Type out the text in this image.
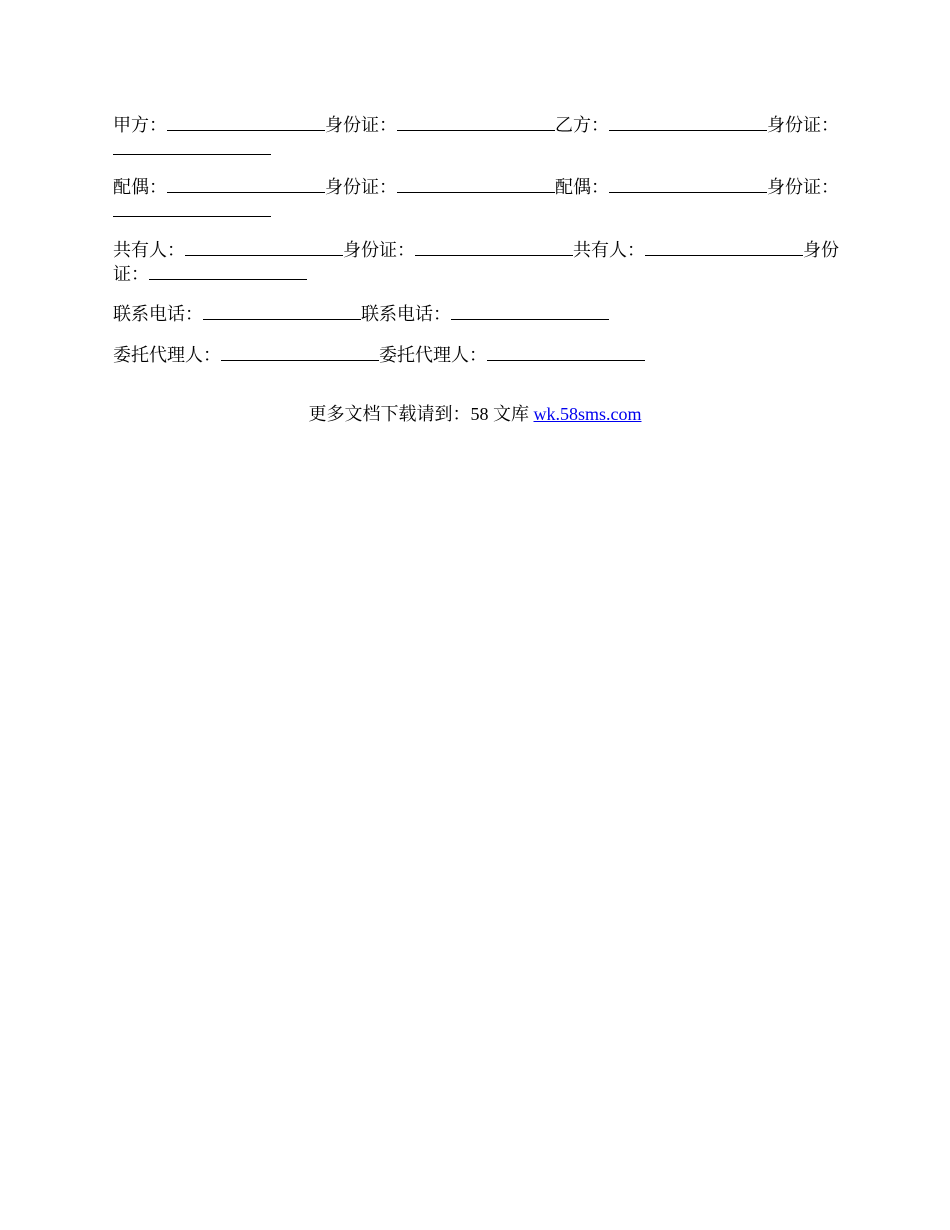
甲方：	身份证：	乙方：	身份证：

配偶：	身份证：	配偶：	身份证：

共有人：	身份证：	共有人：	身份证：

联系电话：	联系电话：

委托代理人：	委托代理人：

更多文档下载请到：58 文库 wk.58sms.com
